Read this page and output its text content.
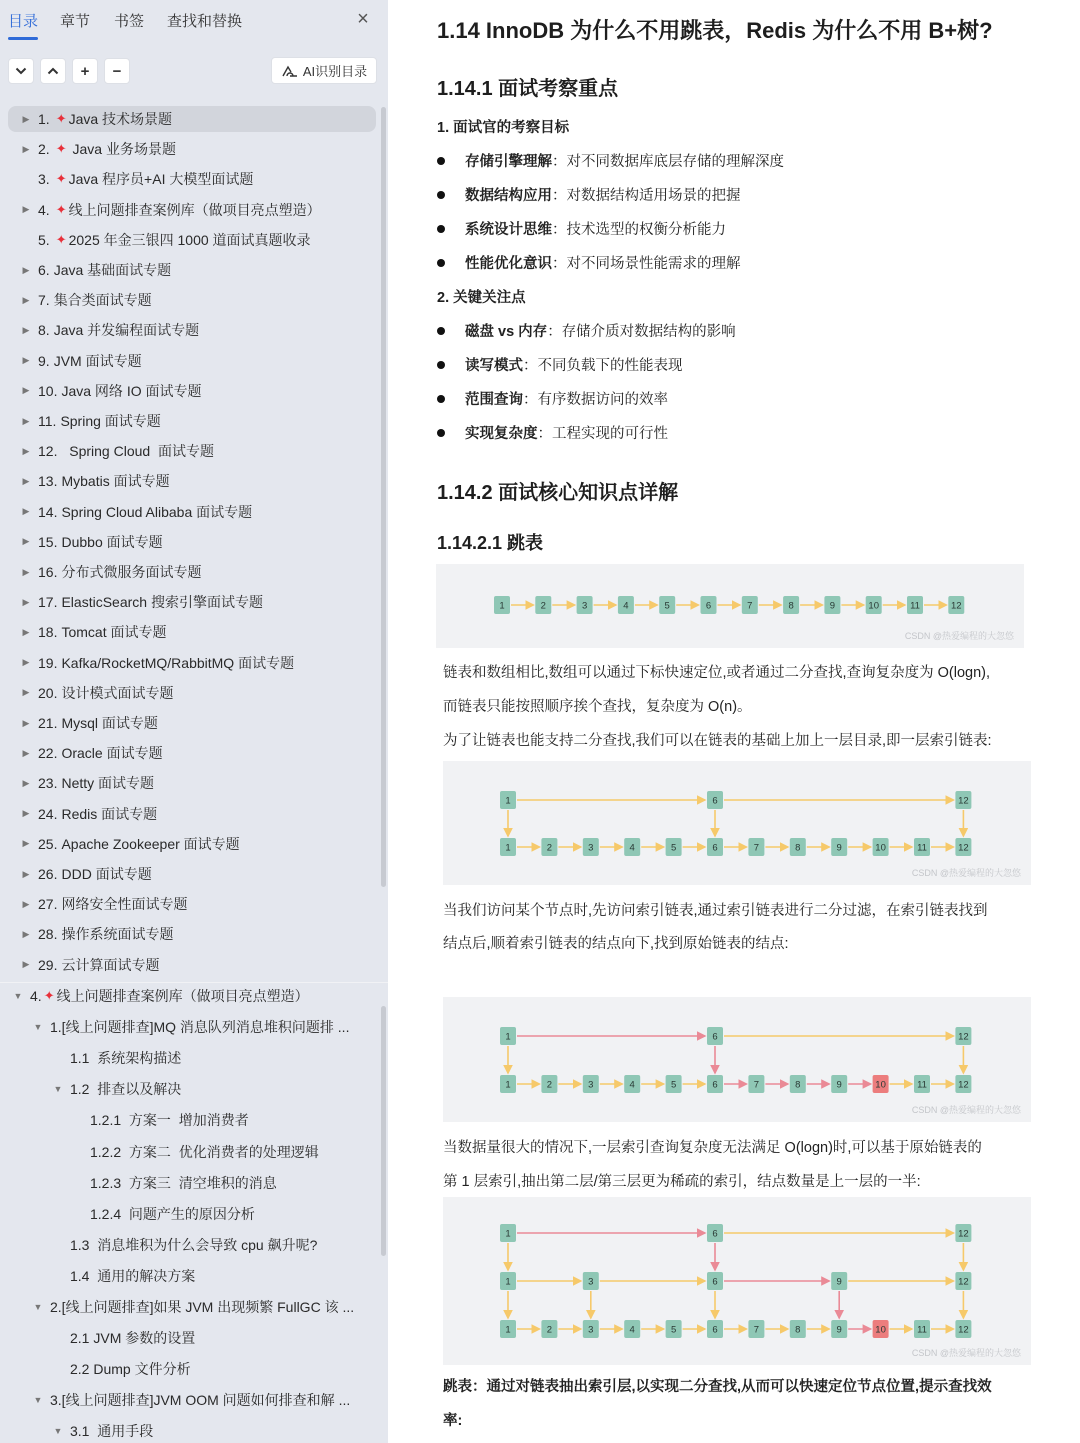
目录 章节 书签 查找和替换	×
+ −	AI识别目录
▶ 1. ✦ Java 技术场景题
▶ 2. ✦ Java 业务场景题
3. ✦ Java 程序员+AI 大模型面试题
▶ 4. ✦ 线上问题排查案例库（做项目亮点塑造）
5. ✦ 2025 年金三银四 1000 道面试真题收录
▶ 6. Java 基础面试专题
▶ 7. 集合类面试专题
▶ 8. Java 并发编程面试专题
▶ 9. JVM 面试专题
▶ 10. Java 网络 IO 面试专题
▶ 11. Spring 面试专题
▶ 12. Spring Cloud  面试专题
▶ 13. Mybatis 面试专题
▶ 14. Spring Cloud Alibaba 面试专题
▶ 15. Dubbo 面试专题
▶ 16. 分布式微服务面试专题
▶ 17. ElasticSearch 搜索引擎面试专题
▶ 18. Tomcat 面试专题
▶ 19. Kafka/RocketMQ/RabbitMQ 面试专题
▶ 20. 设计模式面试专题
▶ 21. Mysql 面试专题
▶ 22. Oracle 面试专题
▶ 23. Netty 面试专题
▶ 24. Redis 面试专题
▶ 25. Apache Zookeeper 面试专题
▶ 26. DDD 面试专题
▶ 27. 网络安全性面试专题
▶ 28. 操作系统面试专题
▶ 29. 云计算面试专题
▼ 4. ✦ 线上问题排查案例库（做项目亮点塑造）
▼ 1.[线上问题排查]MQ 消息队列消息堆积问题排 ...
1.1  系统架构描述
▼ 1.2  排查以及解决
1.2.1  方案一  增加消费者
1.2.2  方案二  优化消费者的处理逻辑
1.2.3  方案三  清空堆积的消息
1.2.4  问题产生的原因分析
1.3  消息堆积为什么会导致 cpu 飙升呢?
1.4  通用的解决方案
▼ 2.[线上问题排查]如果 JVM 出现频繁 FullGC 该 ...
2.1 JVM 参数的设置
2.2 Dump 文件分析
▼ 3.[线上问题排查]JVM OOM 问题如何排查和解 ...
▼ 3.1  通用手段
1.14 InnoDB 为什么不用跳表，Redis 为什么不用 B+树?
1.14.1 面试考察重点
1. 面试官的考察目标
存储引擎理解 ：对不同数据库底层存储的理解深度
数据结构应用 ：对数据结构适用场景的把握
系统设计思维 ：技术选型的权衡分析能力
性能优化意识 ：对不同场景性能需求的理解
2. 关键关注点
磁盘 vs 内存 ：存储介质对数据结构的影响
读写模式 ：不同负载下的性能表现
范围查询 ：有序数据访问的效率
实现复杂度 ：工程实现的可行性
1.14.2 面试核心知识点详解
1.14.2.1 跳表
1	2	3	4	5	6	7	8	9	10	11	12
CSDN @热爱编程的大忽悠
链表和数组相比,数组可以通过下标快速定位,或者通过二分查找,查询复杂度为 O(logn),
而链表只能按照顺序挨个查找，复杂度为 O(n)。
为了让链表也能支持二分查找,我们可以在链表的基础上加上一层目录,即一层索引链表:
1	6	12
1	2	3	4	5	6	7	8	9	10	11	12
CSDN @热爱编程的大忽悠
当我们访问某个节点时,先访问索引链表,通过索引链表进行二分过滤，在索引链表找到
结点后,顺着索引链表的结点向下,找到原始链表的结点:
1	6	12
1	2	3	4	5	6	7	8	9	10	11	12
CSDN @热爱编程的大忽悠
当数据量很大的情况下,一层索引查询复杂度无法满足 O(logn)时,可以基于原始链表的
第 1 层索引,抽出第二层/第三层更为稀疏的索引，结点数量是上一层的一半:
1	6	12
1	3	6	9	12
1	2	3	4	5	6	7	8	9	10	11	12
CSDN @热爱编程的大忽悠
跳表：通过对链表抽出索引层,以实现二分查找,从而可以快速定位节点位置,提示查找效
率:
